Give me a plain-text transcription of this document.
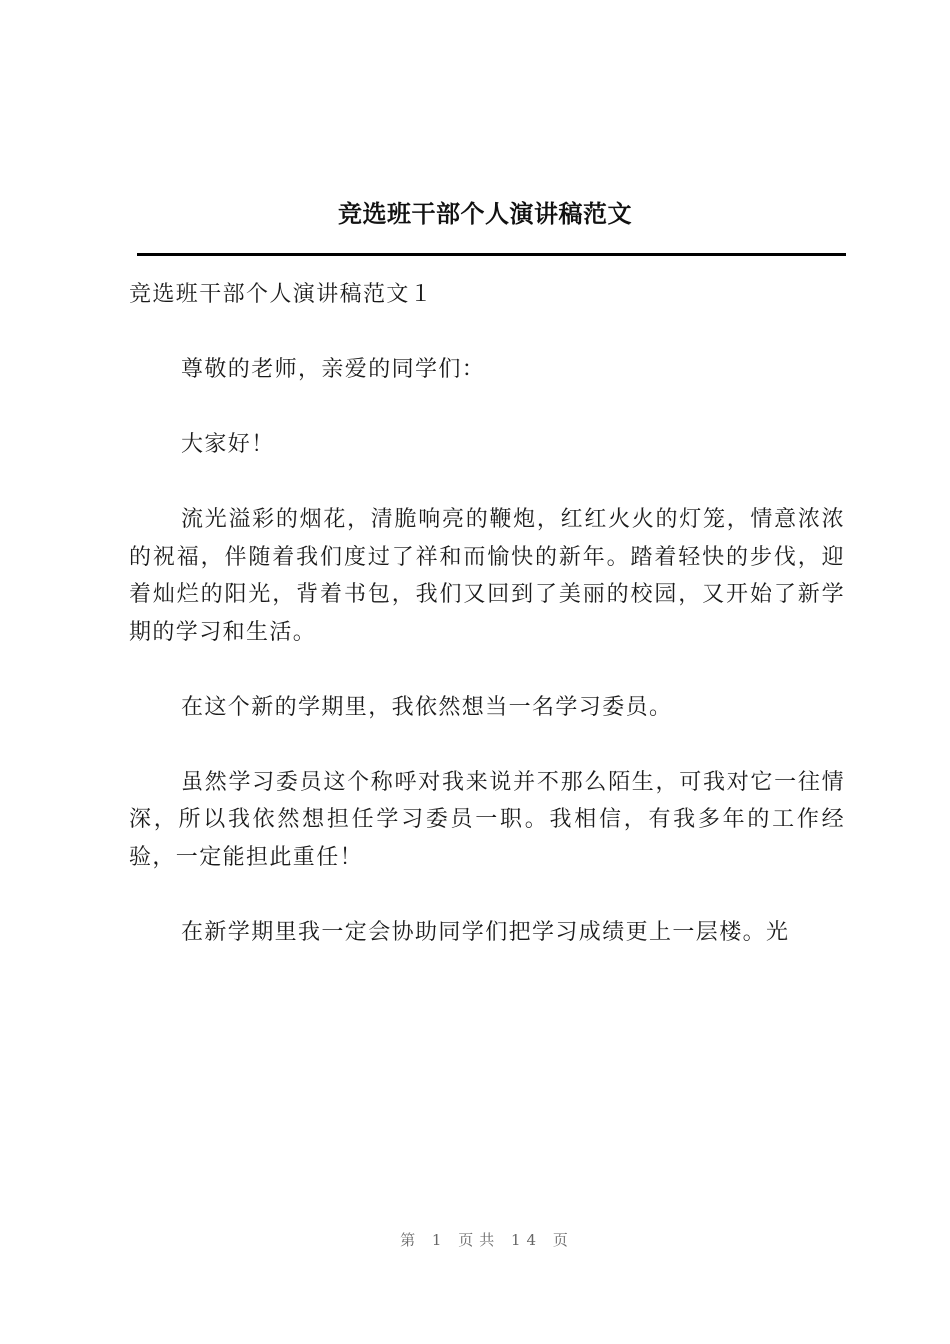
竞选班干部个人演讲稿范文

竞选班干部个人演讲稿范文１

尊敬的老师，亲爱的同学们：

大家好！

流光溢彩的烟花，清脆响亮的鞭炮，红红火火的灯笼，情意浓浓的祝福，伴随着我们度过了祥和而愉快的新年。踏着轻快的步伐，迎着灿烂的阳光，背着书包，我们又回到了美丽的校园，又开始了新学期的学习和生活。

在这个新的学期里，我依然想当一名学习委员。

虽然学习委员这个称呼对我来说并不那么陌生，可我对它一往情深，所以我依然想担任学习委员一职。我相信，有我多年的工作经验，一定能担此重任！

在新学期里我一定会协助同学们把学习成绩更上一层楼。光

第 1 页共 14 页
